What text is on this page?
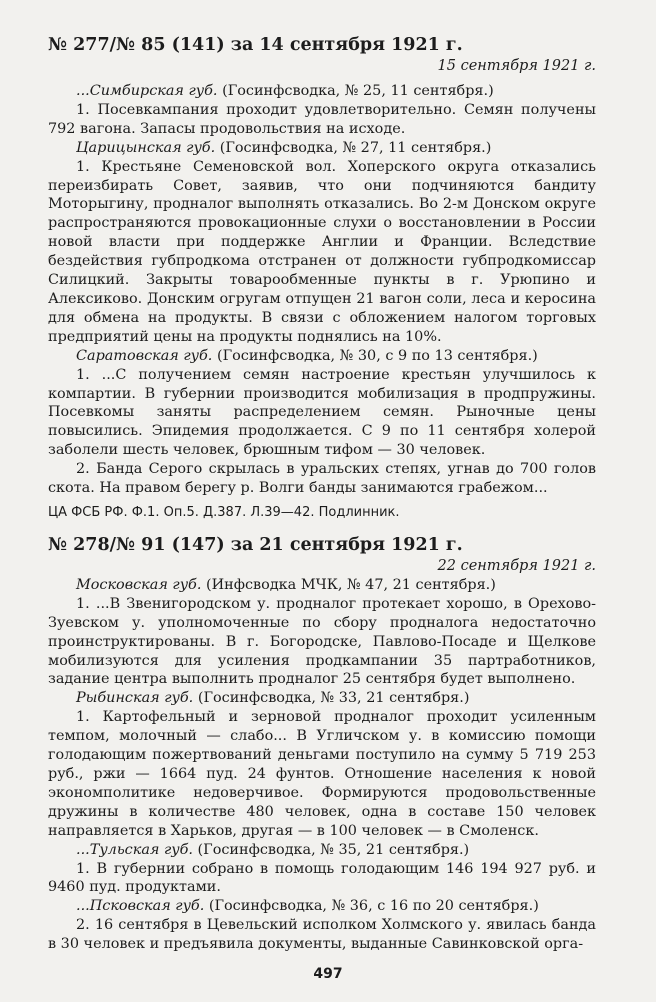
№ 277/№ 85 (141) за 14 сентября 1921 г.

15 сентября 1921 г.

...Симбирская губ. (Госинфсводка, № 25, 11 сентября.)

1. Посевкампания проходит удовлетворительно. Семян получены 792 вагона. Запасы продовольствия на исходе.

Царицынская губ. (Госинфсводка, № 27, 11 сентября.)

1. Крестьяне Семеновской вол. Хоперского округа отказались переизбирать Совет, заявив, что они подчиняются бандиту Моторыгину, продналог выполнять отказались. Во 2-м Донском округе распространяются провокационные слухи о восстановлении в России новой власти при поддержке Англии и Франции. Вследствие бездействия губпродкома отстранен от должности губпродкомиссар Силицкий. Закрыты товарообменные пункты в г. Урюпино и Алексиково. Донским огругам отпущен 21 вагон соли, леса и керосина для обмена на продукты. В связи с обложением налогом торговых предприятий цены на продукты поднялись на 10%.

Саратовская губ. (Госинфсводка, № 30, с 9 по 13 сентября.)

1. ...С получением семян настроение крестьян улучшилось к компартии. В губернии производится мобилизация в продпружины. Посевкомы заняты распределением семян. Рыночные цены повысились. Эпидемия продолжается. С 9 по 11 сентября холерой заболели шесть человек, брюшным тифом — 30 человек.

2. Банда Серого скрылась в уральских степях, угнав до 700 голов скота. На правом берегу р. Волги банды занимаются грабежом...

ЦА ФСБ РФ. Ф.1. Оп.5. Д.387. Л.39—42. Подлинник.

№ 278/№ 91 (147) за 21 сентября 1921 г.

22 сентября 1921 г.

Московская губ. (Инфсводка МЧК, № 47, 21 сентября.)

1. ...В Звенигородском у. продналог протекает хорошо, в Орехово-Зуевском у. уполномоченные по сбору продналога недостаточно проинструктированы. В г. Богородске, Павлово-Посаде и Щелкове мобилизуются для усиления продкампании 35 партработников, задание центра выполнить продналог 25 сентября будет выполнено.

Рыбинская губ. (Госинфсводка, № 33, 21 сентября.)

1. Картофельный и зерновой продналог проходит усиленным темпом, молочный — слабо... В Угличском у. в комиссию помощи голодающим пожертвований деньгами поступило на сумму 5 719 253 руб., ржи — 1664 пуд. 24 фунтов. Отношение населения к новой экономполитике недоверчивое. Формируются продовольственные дружины в количестве 480 человек, одна в составе 150 человек направляется в Харьков, другая — в 100 человек — в Смоленск.

...Тульская губ. (Госинфсводка, № 35, 21 сентября.)

1. В губернии собрано в помощь голодающим 146 194 927 руб. и 9460 пуд. продуктами.

...Псковская губ. (Госинфсводка, № 36, с 16 по 20 сентября.)

2. 16 сентября в Цевельский исполком Холмского у. явилась банда в 30 человек и предъявила документы, выданные Савинковской орга-

497
